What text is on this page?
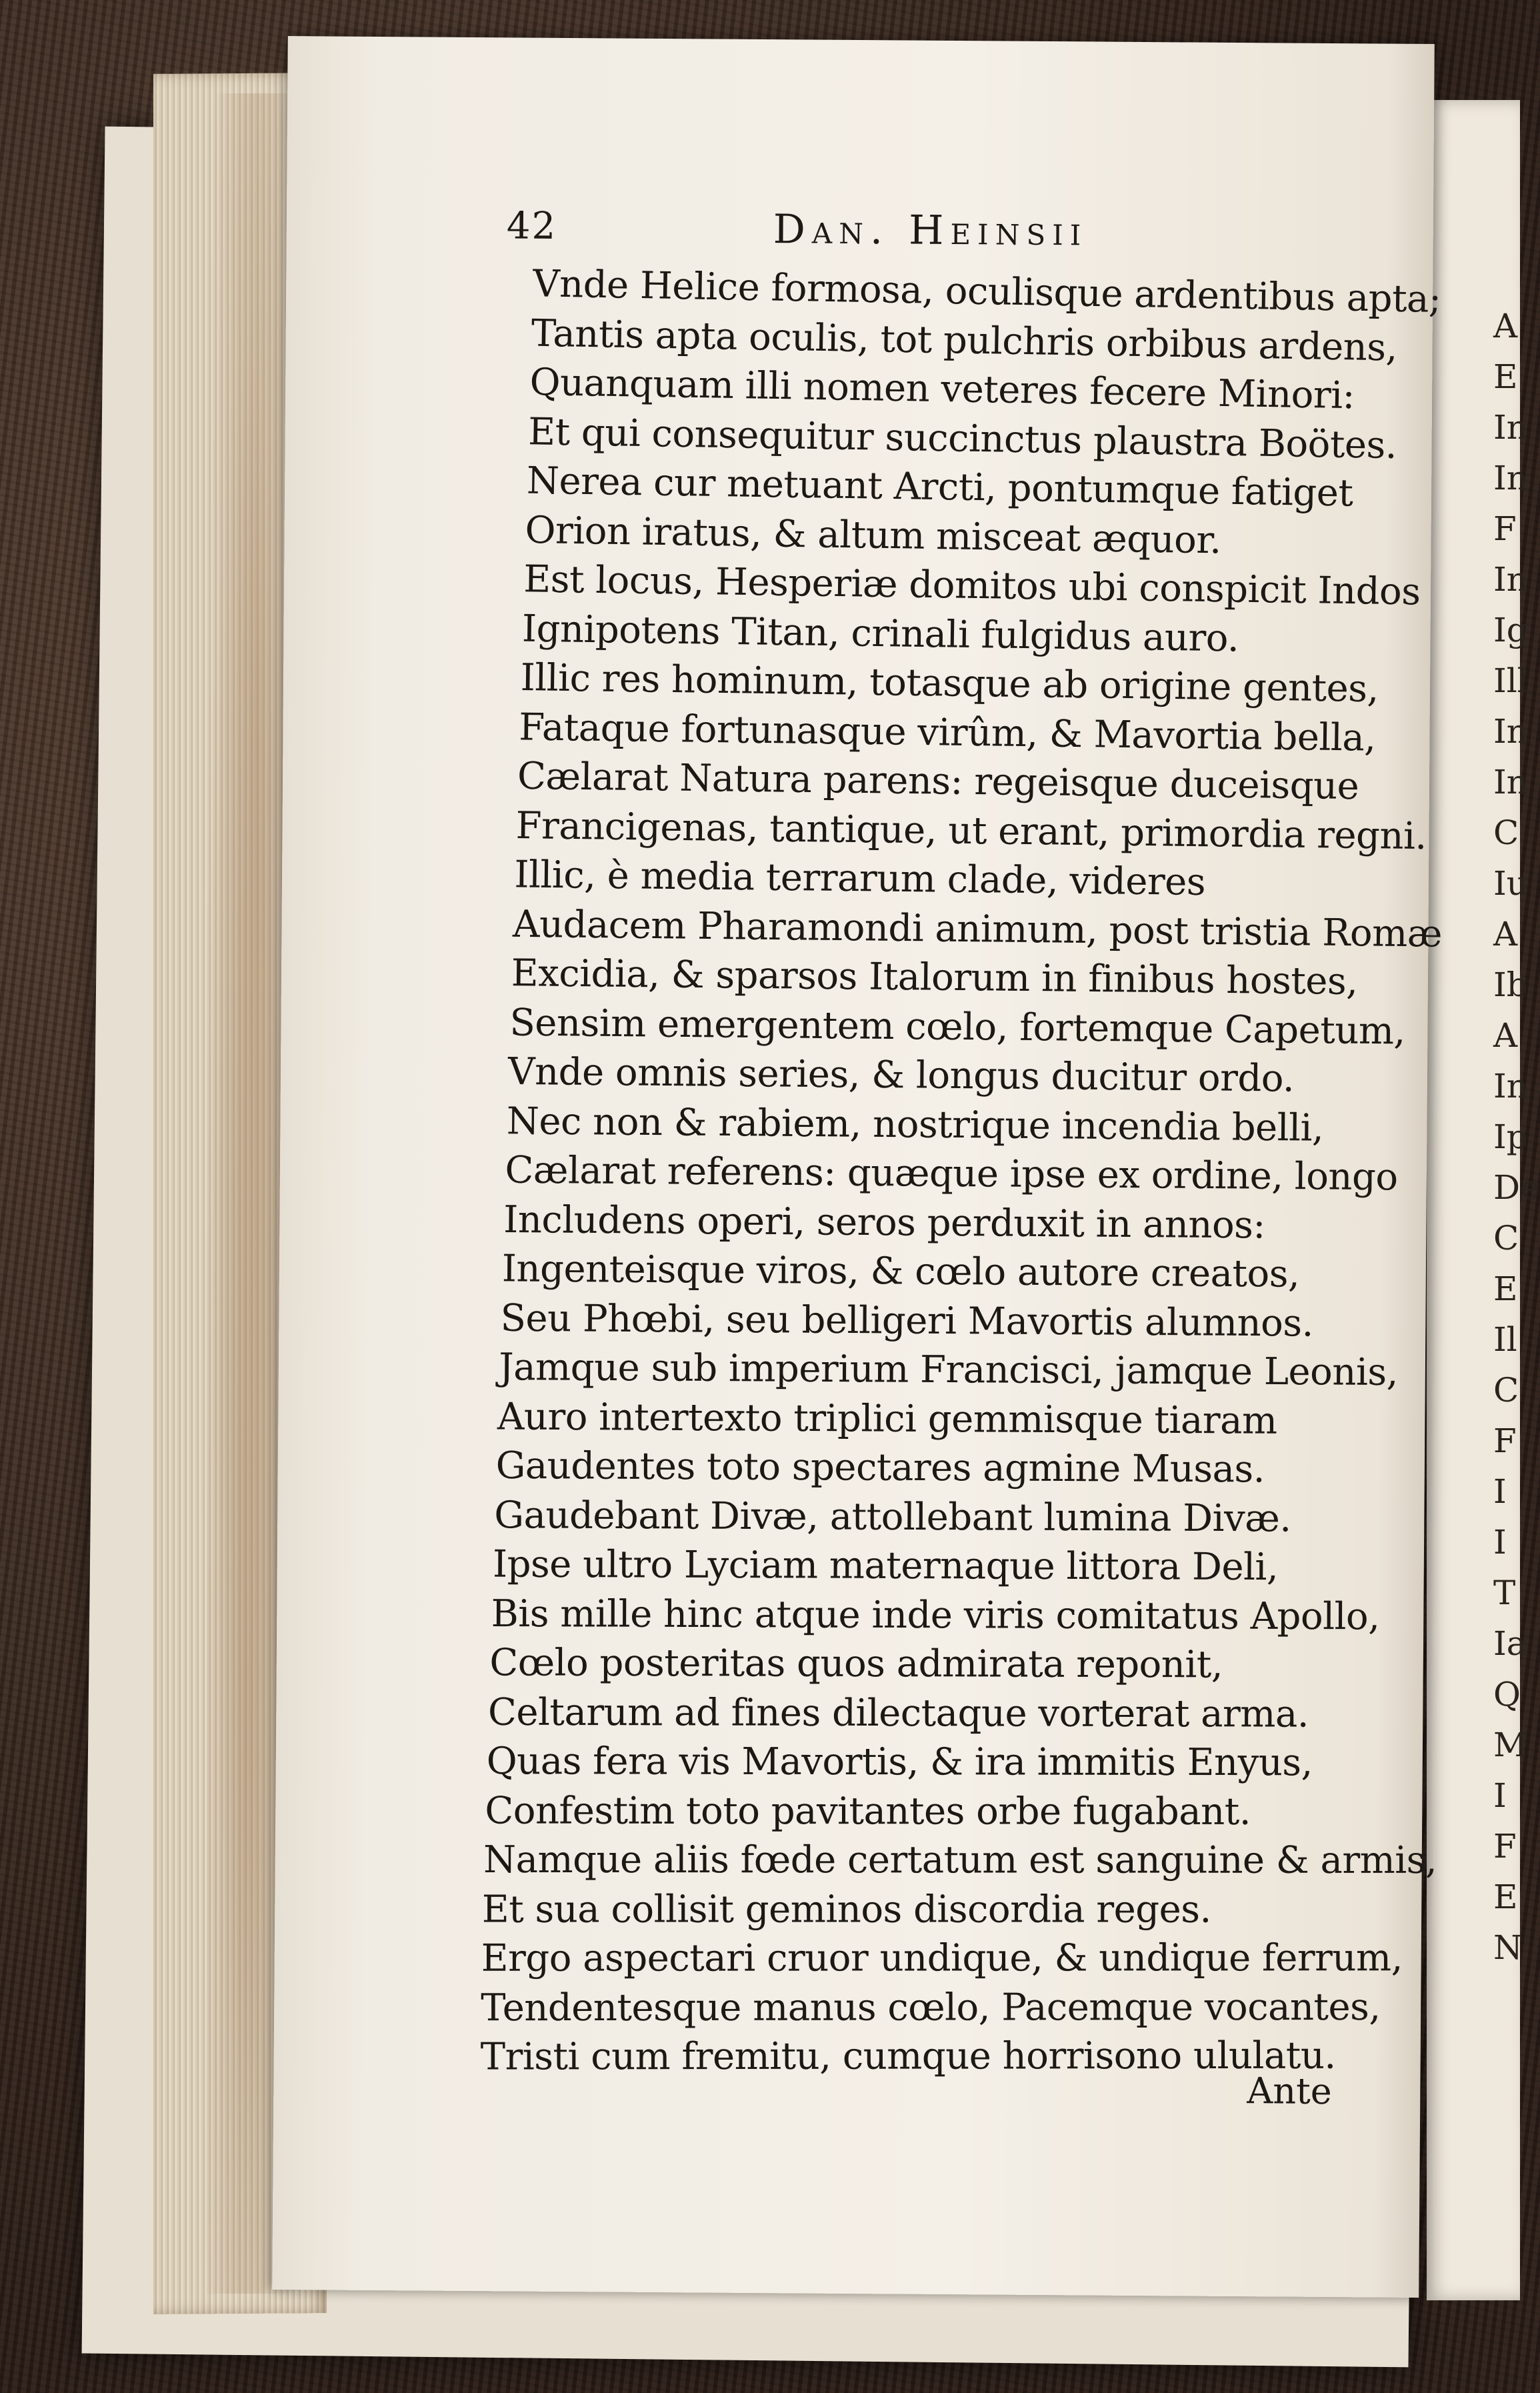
A
E
In
In
F
In
Ig
Ill
In
In
C
Iu
A
Ib
A
In
Ip
De
C
E
Il
C
F
I
I
T
Ia
Q
M
I
F
E
N
42	Dan. Heinsii
Vnde Helice formosa, oculisque ardentibus apta;
Tantis apta oculis, tot pulchris orbibus ardens,
Quanquam illi nomen veteres fecere Minori:
Et qui consequitur succinctus plaustra Boötes.
Nerea cur metuant Arcti, pontumque fatiget
Orion iratus, & altum misceat æquor.
Est locus, Hesperiæ domitos ubi conspicit Indos
Ignipotens Titan, crinali fulgidus auro.
Illic res hominum, totasque ab origine gentes,
Fataque fortunasque virûm, & Mavortia bella,
Cælarat Natura parens: regeisque duceisque
Francigenas, tantique, ut erant, primordia regni.
Illic, è media terrarum clade, videres
Audacem Pharamondi animum, post tristia Romæ
Excidia, & sparsos Italorum in finibus hostes,
Sensim emergentem cœlo, fortemque Capetum,
Vnde omnis series, & longus ducitur ordo.
Nec non & rabiem, nostrique incendia belli,
Cælarat referens: quæque ipse ex ordine, longo
Includens operi, seros perduxit in annos:
Ingenteisque viros, & cœlo autore creatos,
Seu Phœbi, seu belligeri Mavortis alumnos.
Jamque sub imperium Francisci, jamque Leonis,
Auro intertexto triplici gemmisque tiaram
Gaudentes toto spectares agmine Musas.
Gaudebant Divæ, attollebant lumina Divæ.
Ipse ultro Lyciam maternaque littora Deli,
Bis mille hinc atque inde viris comitatus Apollo,
Cœlo posteritas quos admirata reponit,
Celtarum ad fines dilectaque vorterat arma.
Quas fera vis Mavortis, & ira immitis Enyus,
Confestim toto pavitantes orbe fugabant.
Namque aliis fœde certatum est sanguine & armis,
Et sua collisit geminos discordia reges.
Ergo aspectari cruor undique, & undique ferrum,
Tendentesque manus cœlo, Pacemque vocantes,
Tristi cum fremitu, cumque horrisono ululatu.
Ante
